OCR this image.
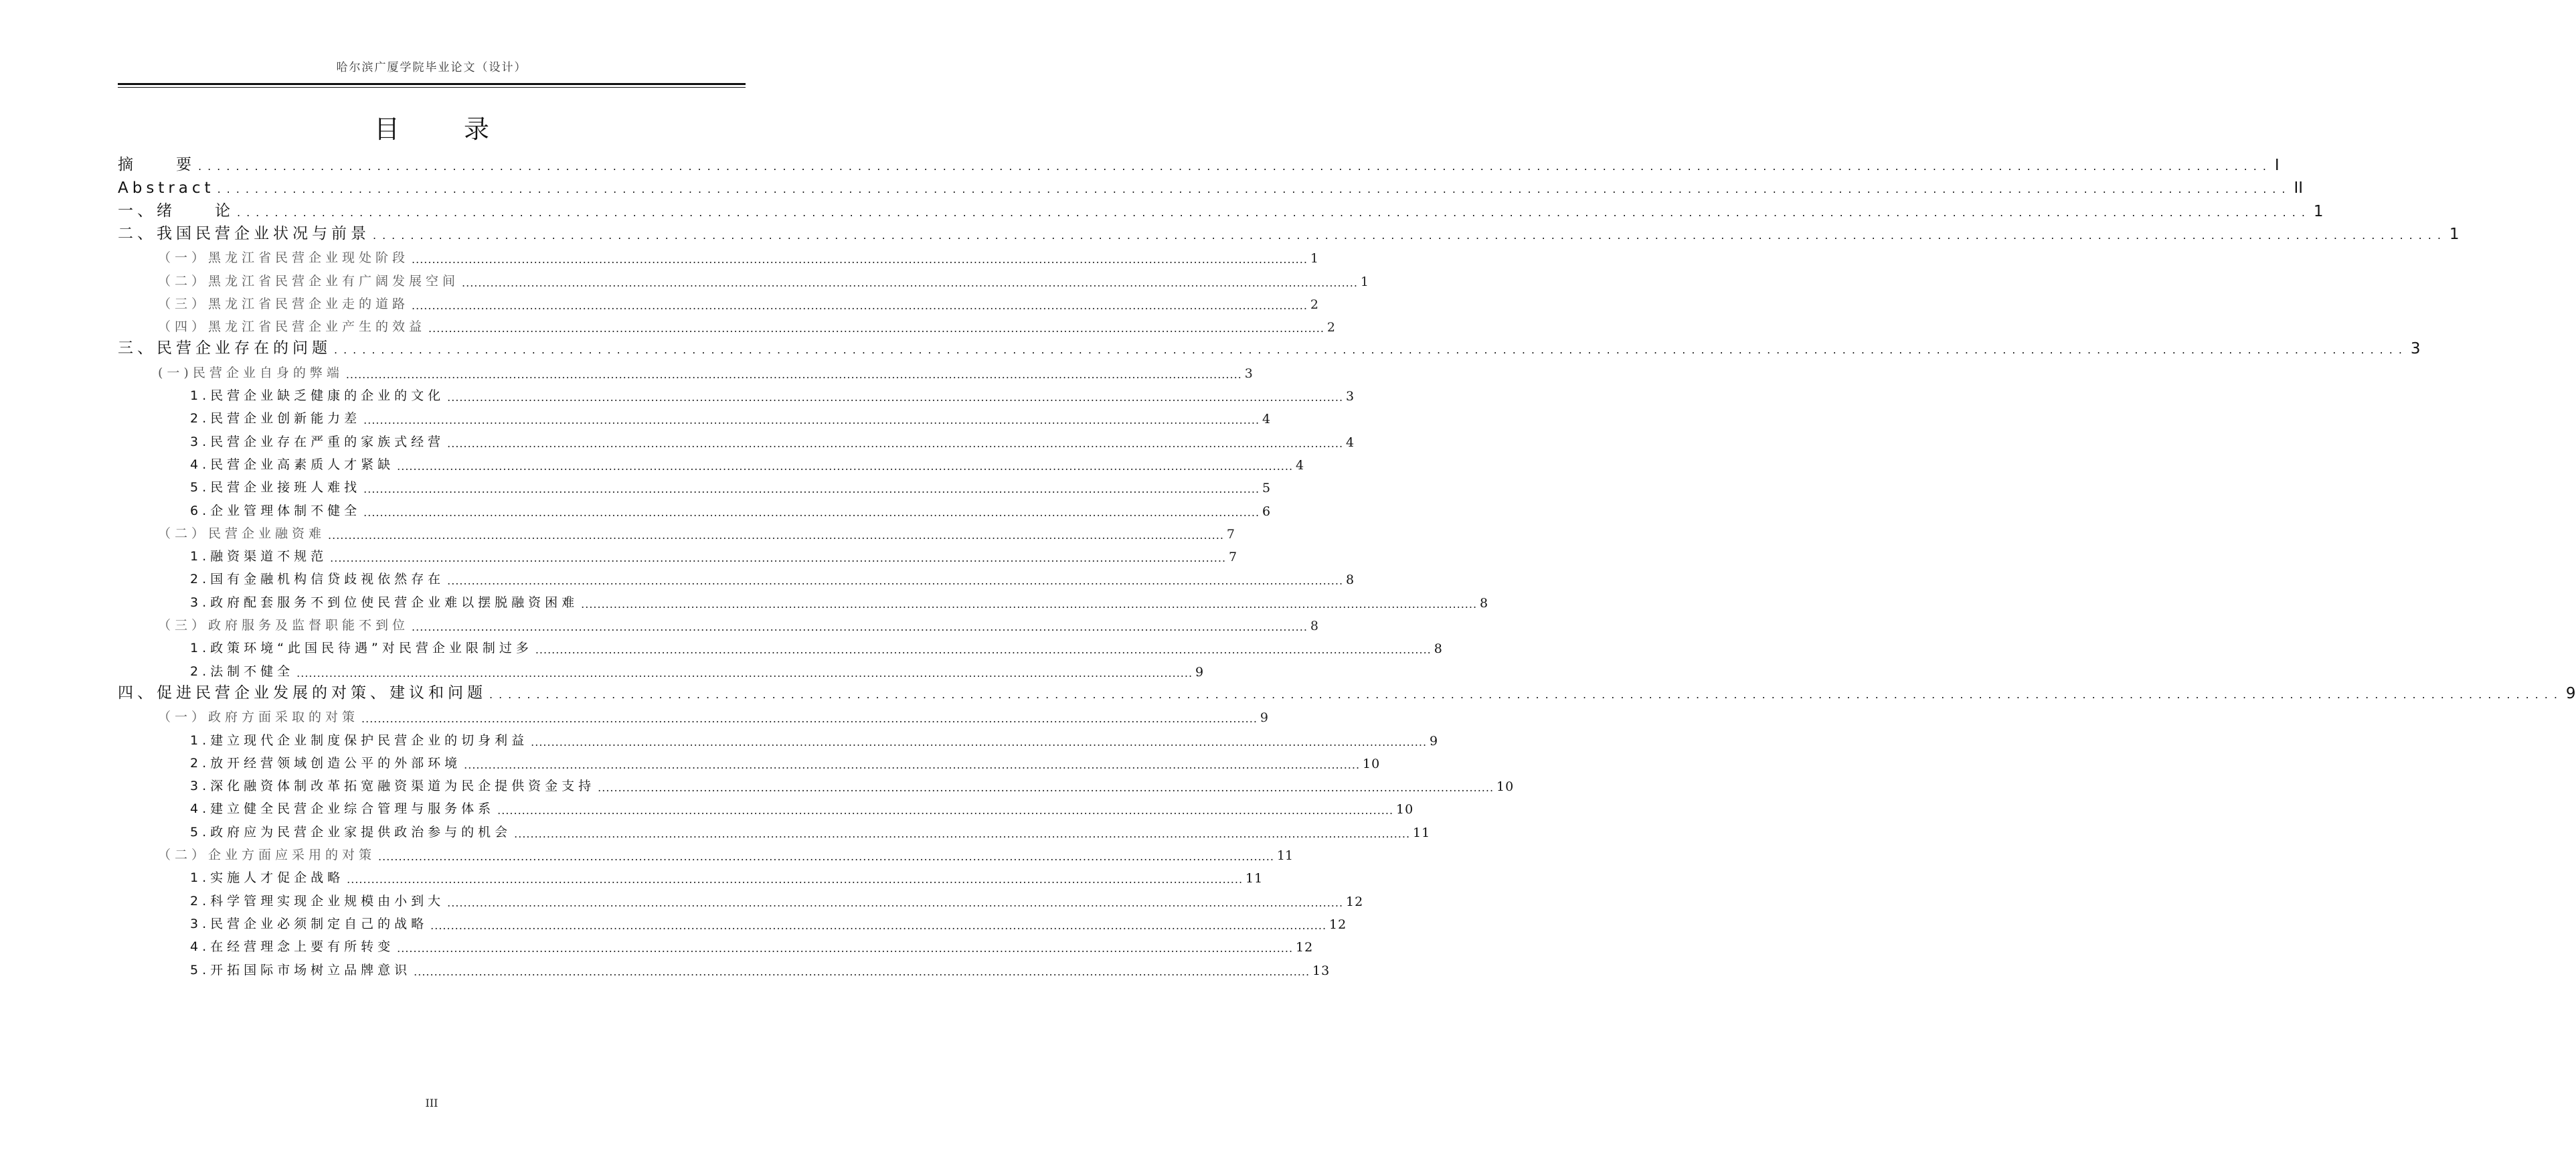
哈尔滨广厦学院毕业论文（设计）
目	录
摘　　要 ............................................................................................................................................................................................................................ I
Abstract ............................................................................................................................................................................................................................ II
一、绪　　论 ............................................................................................................................................................................................................................ 1
二、我国民营企业状况与前景 ............................................................................................................................................................................................................................ 1
（一）黑龙江省民营企业现处阶段 ............................................................................................................................................................................................................................ 1
（二）黑龙江省民营企业有广阔发展空间 ............................................................................................................................................................................................................................ 1
（三）黑龙江省民营企业走的道路 ............................................................................................................................................................................................................................ 2
（四）黑龙江省民营企业产生的效益 ............................................................................................................................................................................................................................ 2
三、民营企业存在的问题 ............................................................................................................................................................................................................................ 3
(一)民营企业自身的弊端 ............................................................................................................................................................................................................................ 3
1.民营企业缺乏健康的企业的文化 ............................................................................................................................................................................................................................ 3
2.民营企业创新能力差 ............................................................................................................................................................................................................................ 4
3.民营企业存在严重的家族式经营 ............................................................................................................................................................................................................................ 4
4.民营企业高素质人才紧缺 ............................................................................................................................................................................................................................ 4
5.民营企业接班人难找 ............................................................................................................................................................................................................................ 5
6.企业管理体制不健全 ............................................................................................................................................................................................................................ 6
（二）民营企业融资难 ............................................................................................................................................................................................................................ 7
1.融资渠道不规范 ............................................................................................................................................................................................................................ 7
2.国有金融机构信贷歧视依然存在 ............................................................................................................................................................................................................................ 8
3.政府配套服务不到位使民营企业难以摆脱融资困难 ............................................................................................................................................................................................................................ 8
（三）政府服务及监督职能不到位 ............................................................................................................................................................................................................................ 8
1.政策环境“此国民待遇”对民营企业限制过多 ............................................................................................................................................................................................................................ 8
2.法制不健全 ............................................................................................................................................................................................................................ 9
四、促进民营企业发展的对策、建议和问题 ............................................................................................................................................................................................................................ 9
（一）政府方面采取的对策 ............................................................................................................................................................................................................................ 9
1.建立现代企业制度保护民营企业的切身利益 ............................................................................................................................................................................................................................ 9
2.放开经营领域创造公平的外部环境 ............................................................................................................................................................................................................................ 10
3.深化融资体制改革拓宽融资渠道为民企提供资金支持 ............................................................................................................................................................................................................................ 10
4.建立健全民营企业综合管理与服务体系 ............................................................................................................................................................................................................................ 10
5.政府应为民营企业家提供政治参与的机会 ............................................................................................................................................................................................................................ 11
（二）企业方面应采用的对策 ............................................................................................................................................................................................................................ 11
1.实施人才促企战略 ............................................................................................................................................................................................................................ 11
2.科学管理实现企业规模由小到大 ............................................................................................................................................................................................................................ 12
3.民营企业必须制定自己的战略 ............................................................................................................................................................................................................................ 12
4.在经营理念上要有所转变 ............................................................................................................................................................................................................................ 12
5.开拓国际市场树立品牌意识 ............................................................................................................................................................................................................................ 13
III
